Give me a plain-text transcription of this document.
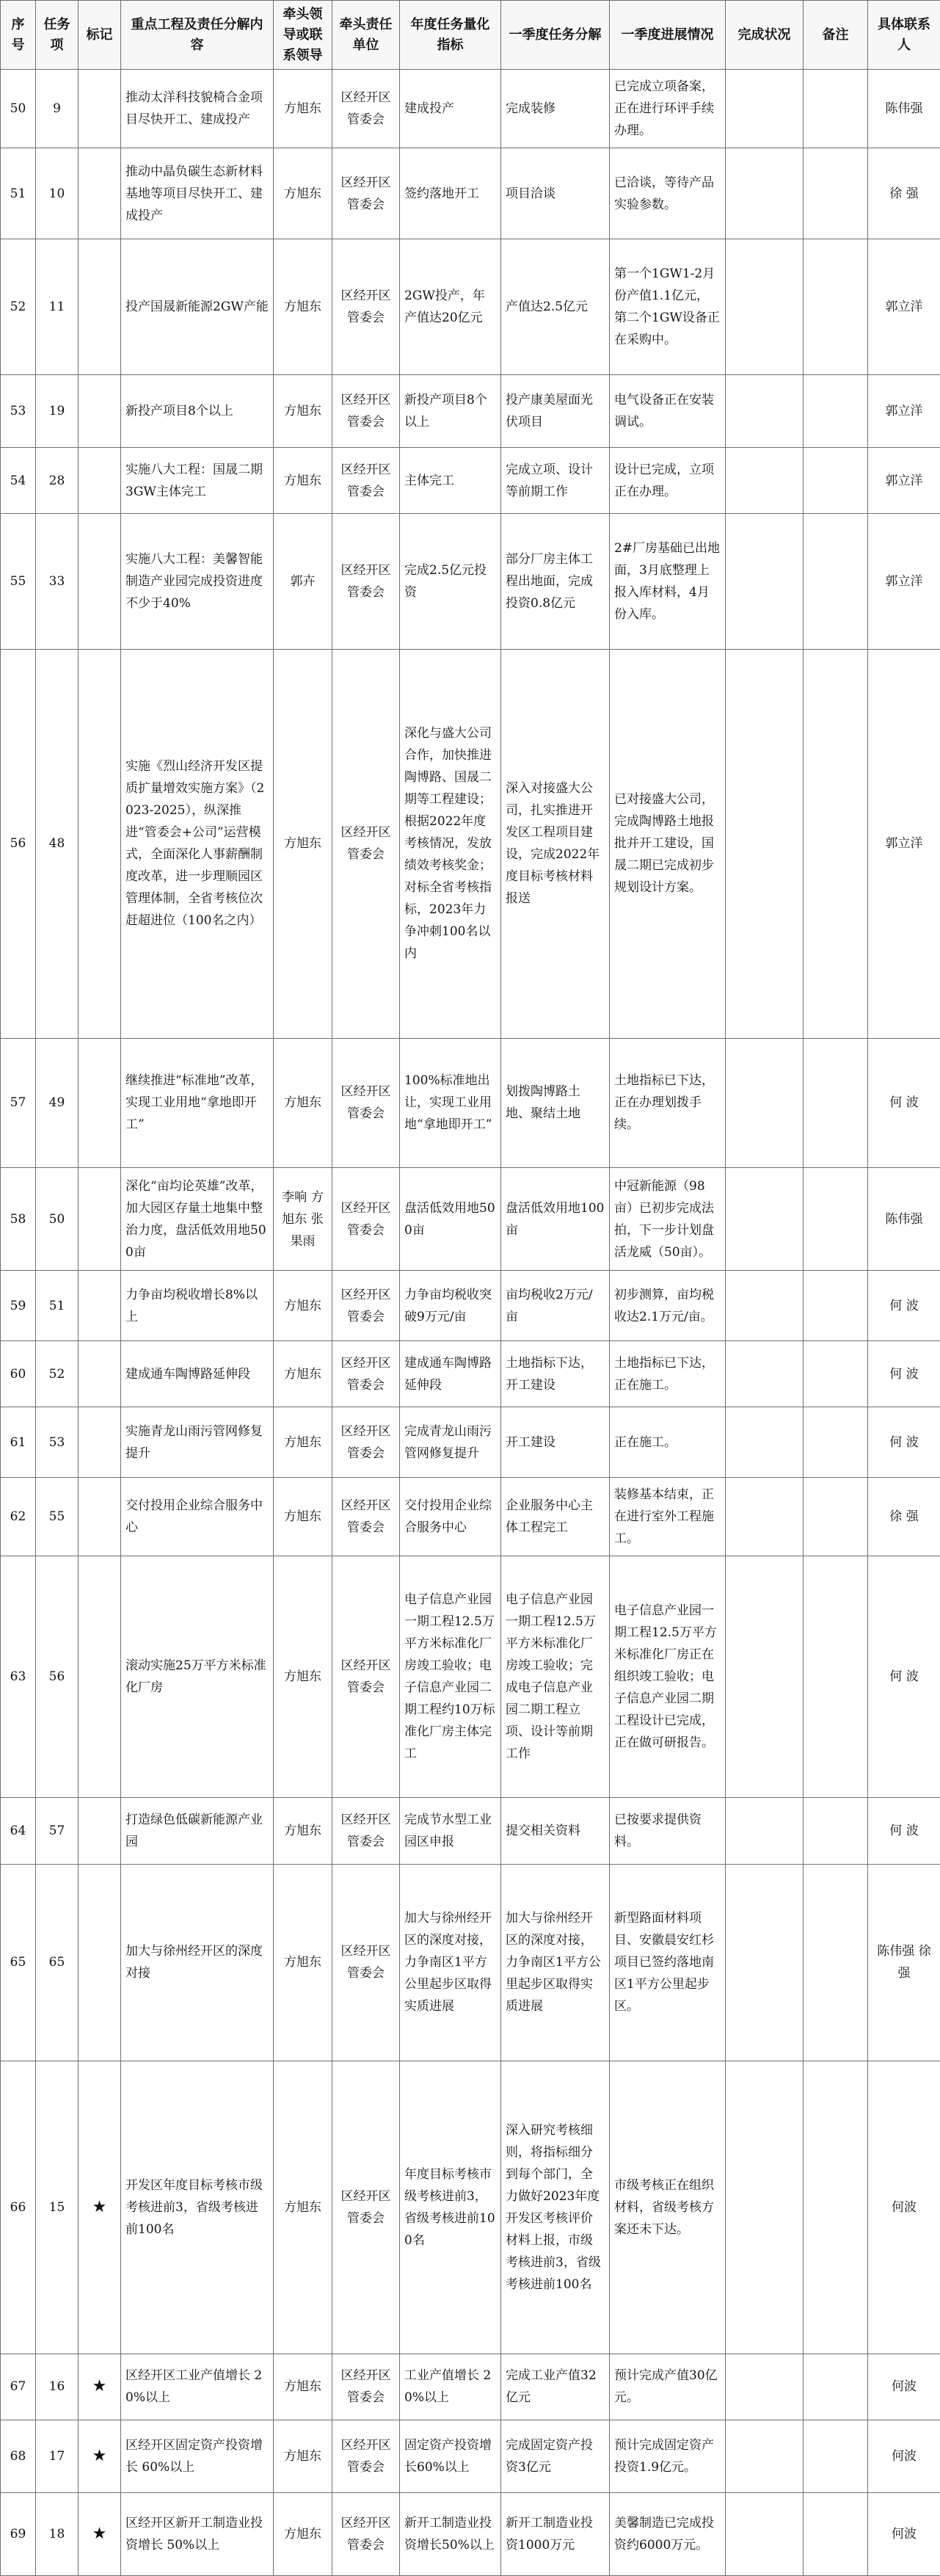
序号	任务项	标记	重点工程及责任分解内容	牵头领导或联系领导	牵头责任单位	年度任务量化指标	一季度任务分解	一季度进展情况	完成状况	备注	具体联系人
50	9		推动太洋科技貌椅合金项目尽快开工、建成投产	方旭东	区经开区管委会	建成投产	完成装修	已完成立项备案，正在进行环评手续办理。			陈伟强
51	10		推动中晶负碳生态新材料基地等项目尽快开工、建成投产	方旭东	区经开区管委会	签约落地开工	项目洽谈	已洽谈，等待产品实验参数。			徐 强
52	11		投产国晟新能源2GW产能	方旭东	区经开区管委会	2GW投产，年产值达20亿元	产值达2.5亿元	第一个1GW1-2月份产值1.1亿元，第二个1GW设备正在采购中。			郭立洋
53	19		新投产项目8个以上	方旭东	区经开区管委会	新投产项目8个以上	投产康美屋面光伏项目	电气设备正在安装调试。			郭立洋
54	28		实施八大工程：国晟二期3GW主体完工	方旭东	区经开区管委会	主体完工	完成立项、设计等前期工作	设计已完成，立项正在办理。			郭立洋
55	33		实施八大工程：美馨智能制造产业园完成投资进度不少于40%	郭卉	区经开区管委会	完成2.5亿元投资	部分厂房主体工程出地面，完成投资0.8亿元	2#厂房基础已出地面，3月底整理上报入库材料，4月份入库。			郭立洋
56	48		实施《烈山经济开发区提质扩量增效实施方案》（2023-2025），纵深推进“管委会+公司”运营模式，全面深化人事薪酬制度改革，进一步理顺园区管理体制，全省考核位次赶超进位（100名之内）	方旭东	区经开区管委会	深化与盛大公司合作，加快推进陶博路、国晟二期等工程建设；根据2022年度考核情况，发放绩效考核奖金；对标全省考核指标，2023年力争冲刺100名以内	深入对接盛大公司，扎实推进开发区工程项目建设，完成2022年度目标考核材料报送	已对接盛大公司，完成陶博路土地报批并开工建设，国晟二期已完成初步规划设计方案。			郭立洋
57	49		继续推进“标准地”改革，实现工业用地“拿地即开工”	方旭东	区经开区管委会	100%标准地出让，实现工业用地“拿地即开工”	划拨陶博路土地、聚结土地	土地指标已下达，正在办理划拨手续。			何 波
58	50		深化“亩均论英雄”改革，加大园区存量土地集中整治力度，盘活低效用地500亩	李响 方旭东 张果雨	区经开区管委会	盘活低效用地500亩	盘活低效用地100亩	中冠新能源（98亩）已初步完成法拍，下一步计划盘活龙威（50亩）。			陈伟强
59	51		力争亩均税收增长8%以上	方旭东	区经开区管委会	力争亩均税收突破9万元/亩	亩均税收2万元/亩	初步测算，亩均税收达2.1万元/亩。			何 波
60	52		建成通车陶博路延伸段	方旭东	区经开区管委会	建成通车陶博路延伸段	土地指标下达，开工建设	土地指标已下达，正在施工。			何 波
61	53		实施青龙山雨污管网修复提升	方旭东	区经开区管委会	完成青龙山雨污管网修复提升	开工建设	正在施工。			何 波
62	55		交付投用企业综合服务中心	方旭东	区经开区管委会	交付投用企业综合服务中心	企业服务中心主体工程完工	装修基本结束，正在进行室外工程施工。			徐 强
63	56		滚动实施25万平方米标准化厂房	方旭东	区经开区管委会	电子信息产业园一期工程12.5万平方米标准化厂房竣工验收；电子信息产业园二期工程约10万标准化厂房主体完工	电子信息产业园一期工程12.5万平方米标准化厂房竣工验收；完成电子信息产业园二期工程立项、设计等前期工作	电子信息产业园一期工程12.5万平方米标准化厂房正在组织竣工验收；电子信息产业园二期工程设计已完成，正在做可研报告。			何 波
64	57		打造绿色低碳新能源产业园	方旭东	区经开区管委会	完成节水型工业园区申报	提交相关资料	已按要求提供资料。			何 波
65	65		加大与徐州经开区的深度对接	方旭东	区经开区管委会	加大与徐州经开区的深度对接，力争南区1平方公里起步区取得实质进展	加大与徐州经开区的深度对接，力争南区1平方公里起步区取得实质进展	新型路面材料项目、安徽晨安红杉项目已签约落地南区1平方公里起步区。			陈伟强 徐 强
66	15	★	开发区年度目标考核市级考核进前3，省级考核进前100名	方旭东	区经开区管委会	年度目标考核市级考核进前3，省级考核进前100名	深入研究考核细则，将指标细分到每个部门，全力做好2023年度开发区考核评价材料上报，市级考核进前3，省级考核进前100名	市级考核正在组织材料，省级考核方案还未下达。			何波
67	16	★	区经开区工业产值增长 20%以上	方旭东	区经开区管委会	工业产值增长 20%以上	完成工业产值32亿元	预计完成产值30亿元。			何波
68	17	★	区经开区固定资产投资增长 60%以上	方旭东	区经开区管委会	固定资产投资增长60%以上	完成固定资产投资3亿元	预计完成固定资产投资1.9亿元。			何波
69	18	★	区经开区新开工制造业投资增长 50%以上	方旭东	区经开区管委会	新开工制造业投资增长50%以上	新开工制造业投资1000万元	美馨制造已完成投资约6000万元。			何波
